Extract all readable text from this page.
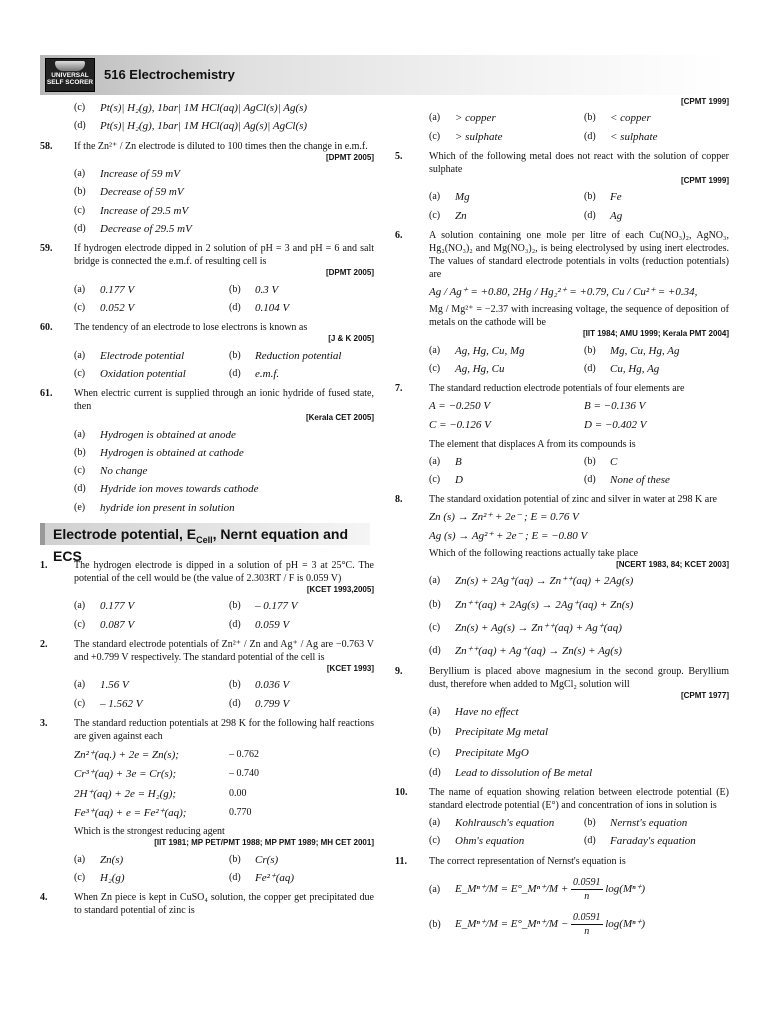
UNIVERSAL
SELF SCORER
516 Electrochemistry
(c) Pt(s)| H₂(g), 1bar| 1M HCl(aq)| AgCl(s)| Ag(s)
(d) Pt(s)| H₂(g), 1bar| 1M HCl(aq)| Ag(s)| AgCl(s)
58. If the Zn²⁺ / Zn electrode is diluted to 100 times then the change in e.m.f.
[DPMT 2005]
(a) Increase of 59 mV
(b) Decrease of 59 mV
(c) Increase of 29.5 mV
(d) Decrease of 29.5 mV
59. If hydrogen electrode dipped in 2 solution of pH = 3 and pH = 6 and salt bridge is connected the e.m.f. of resulting cell is
[DPMT 2005]
(a) 0.177 V	(b) 0.3 V
(c) 0.052 V	(d) 0.104 V
60. The tendency of an electrode to lose electrons is known as
[J & K 2005]
(a) Electrode potential	(b) Reduction potential
(c) Oxidation potential	(d) e.m.f.
61. When electric current is supplied through an ionic hydride of fused state, then
[Kerala CET 2005]
(a) Hydrogen is obtained at anode
(b) Hydrogen is obtained at cathode
(c) No change
(d) Hydride ion moves towards cathode
(e) hydride ion present in solution
Electrode potential, $E_{Cell}$, Nernt equation and ECS
1.	The hydrogen electrode is dipped in a solution of pH = 3 at 25°C. The potential of the cell would be (the value of 2.303RT / F is 0.059 V)
[KCET 1993,2005]
(a) 0.177 V	(b) – 0.177 V
(c) 0.087 V	(d) 0.059 V
2.	The standard electrode potentials of Zn²⁺ / Zn and Ag⁺ / Ag are −0.763 V and +0.799 V respectively. The standard potential of the cell is
[KCET 1993]
(a) 1.56 V	(b) 0.036 V
(c) – 1.562 V	(d) 0.799 V
3.	The standard reduction potentials at 298 K for the following half reactions are given against each
Zn²⁺(aq.) + 2e = Zn(s);	– 0.762
Cr³⁺(aq) + 3e = Cr(s);	– 0.740
2H⁺(aq) + 2e = H₂(g);	0.00
Fe³⁺(aq) + e = Fe²⁺(aq);	0.770
Which is the strongest reducing agent
[IIT 1981; MP PET/PMT 1988; MP PMT 1989; MH CET 2001]
(a) Zn(s)	(b) Cr(s)
(c) H₂(g)	(d) Fe²⁺(aq)
4.	When Zn piece is kept in CuSO₄ solution, the copper get precipitated due to standard potential of zinc is
[CPMT 1999]
(a) > copper	(b) < copper
(c) > sulphate	(d) < sulphate
5.	Which of the following metal does not react with the solution of copper sulphate
[CPMT 1999]
(a) Mg	(b) Fe
(c) Zn	(d) Ag
6.	A solution containing one mole per litre of each Cu(NO₃)₂, AgNO₃, Hg₂(NO₃)₂ and Mg(NO₃)₂, is being electrolysed by using inert electrodes. The values of standard electrode potentials in volts (reduction potentials) are
Ag / Ag⁺ = +0.80, 2Hg / Hg₂²⁺ = +0.79, Cu / Cu²⁺ = +0.34,
Mg / Mg²⁺ = −2.37 with increasing voltage, the sequence of deposition of metals on the cathode will be
[IIT 1984; AMU 1999; Kerala PMT 2004]
(a) Ag, Hg, Cu, Mg	(b) Mg, Cu, Hg, Ag
(c) Ag, Hg, Cu	(d) Cu, Hg, Ag
7.	The standard reduction electrode potentials of four elements are
A = −0.250 V	B = −0.136 V
C = −0.126 V	D = −0.402 V
The element that displaces A from its compounds is
(a) B	(b) C
(c) D	(d) None of these
8.	The standard oxidation potential of zinc and silver in water at 298 K are
Zn (s) → Zn²⁺ + 2e⁻ ; E = 0.76 V
Ag (s) → Ag²⁺ + 2e⁻ ; E = −0.80 V
Which of the following reactions actually take place
[NCERT 1983, 84; KCET 2003]
(a) Zn(s) + 2Ag⁺(aq) → Zn⁺⁺(aq) + 2Ag(s)
(b) Zn⁺⁺(aq) + 2Ag(s) → 2Ag⁺(aq) + Zn(s)
(c) Zn(s) + Ag(s) → Zn⁺⁺(aq) + Ag⁺(aq)
(d) Zn⁺⁺(aq) + Ag⁺(aq) → Zn(s) + Ag(s)
9.	Beryllium is placed above magnesium in the second group. Beryllium dust, therefore when added to MgCl₂ solution will
[CPMT 1977]
(a) Have no effect
(b) Precipitate Mg metal
(c) Precipitate MgO
(d) Lead to dissolution of Be metal
10. The name of equation showing relation between electrode potential (E) standard electrode potential (E°) and concentration of ions in solution is
(a) Kohlrausch's equation	(b) Nernst's equation
(c) Ohm's equation	(d) Faraday's equation
11. The correct representation of Nernst's equation is
(a) E_Mⁿ⁺/M = E°_Mⁿ⁺/M + $\frac{0.0591}{n} \log(M^{n+})$
(b) E_Mⁿ⁺/M = E°_Mⁿ⁺/M − $\frac{0.0591}{n} \log(M^{n+})$
